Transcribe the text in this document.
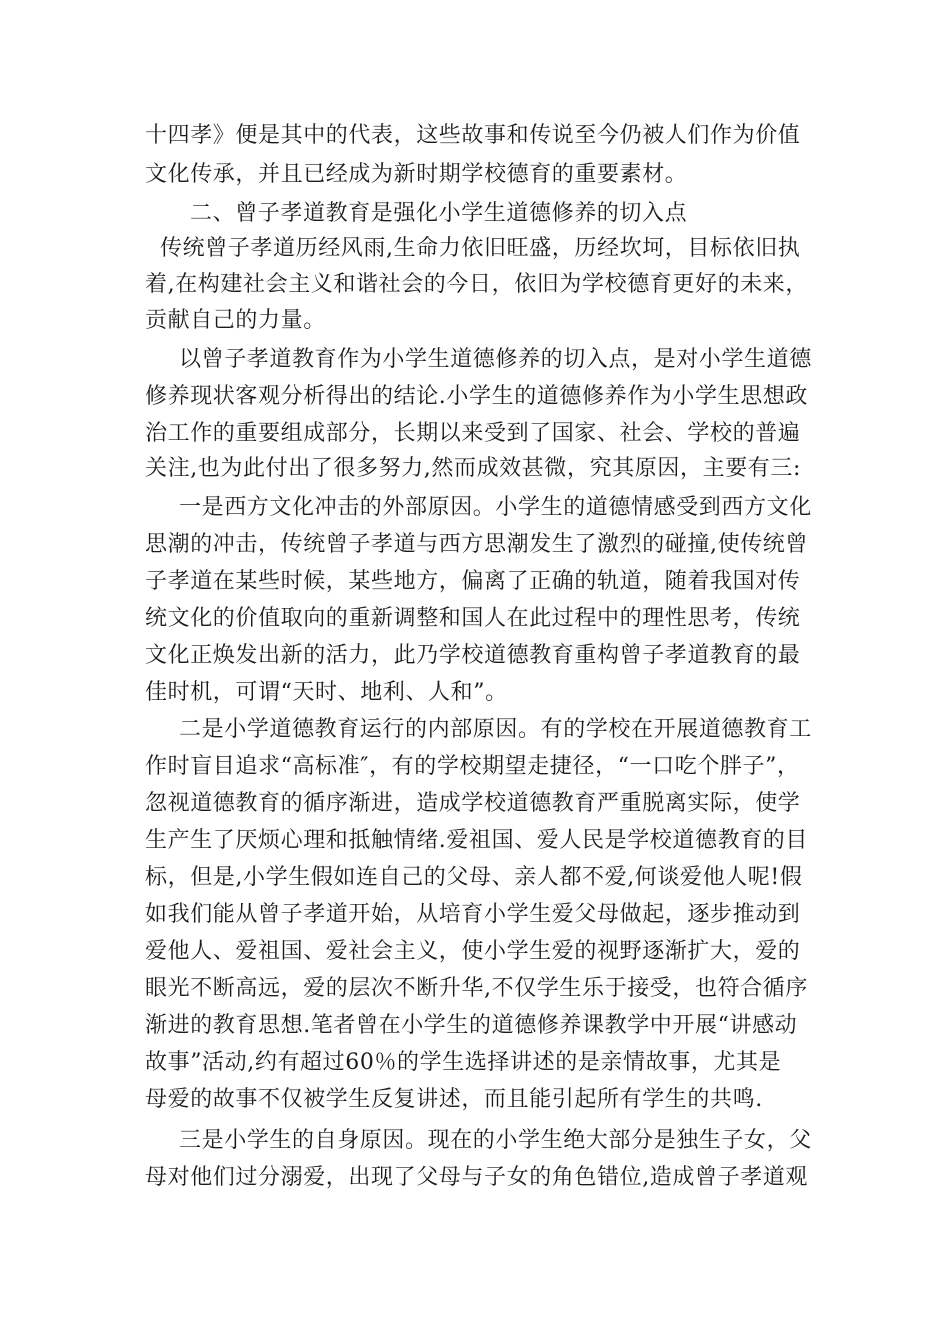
十四孝》便是其中的代表，这些故事和传说至今仍被人们作为价值
文化传承，并且已经成为新时期学校德育的重要素材。
二、曾子孝道教育是强化小学生道德修养的切入点
传统曾子孝道历经风雨,生命力依旧旺盛，历经坎坷，目标依旧执
着,在构建社会主义和谐社会的今日，依旧为学校德育更好的未来，
贡献自己的力量。
以曾子孝道教育作为小学生道德修养的切入点，是对小学生道德
修养现状客观分析得出的结论.小学生的道德修养作为小学生思想政
治工作的重要组成部分，长期以来受到了国家、社会、学校的普遍
关注,也为此付出了很多努力,然而成效甚微，究其原因，主要有三:
一是西方文化冲击的外部原因。小学生的道德情感受到西方文化
思潮的冲击，传统曾子孝道与西方思潮发生了激烈的碰撞,使传统曾
子孝道在某些时候，某些地方，偏离了正确的轨道，随着我国对传
统文化的价值取向的重新调整和国人在此过程中的理性思考，传统
文化正焕发出新的活力，此乃学校道德教育重构曾子孝道教育的最
佳时机，可谓“天时、地利、人和”。
二是小学道德教育运行的内部原因。有的学校在开展道德教育工
作时盲目追求“高标准″，有的学校期望走捷径，“一口吃个胖子”，
忽视道德教育的循序渐进，造成学校道德教育严重脱离实际，使学
生产生了厌烦心理和抵触情绪.爱祖国、爱人民是学校道德教育的目
标，但是,小学生假如连自己的父母、亲人都不爱,何谈爱他人呢!假
如我们能从曾子孝道开始，从培育小学生爱父母做起，逐步推动到
爱他人、爱祖国、爱社会主义，使小学生爱的视野逐渐扩大，爱的
眼光不断高远，爱的层次不断升华,不仅学生乐于接受，也符合循序
渐进的教育思想.笔者曾在小学生的道德修养课教学中开展“讲感动
故事”活动,约有超过60％的学生选择讲述的是亲情故事，尤其是
母爱的故事不仅被学生反复讲述，而且能引起所有学生的共鸣.
三是小学生的自身原因。现在的小学生绝大部分是独生子女，父
母对他们过分溺爱，出现了父母与子女的角色错位,造成曾子孝道观
